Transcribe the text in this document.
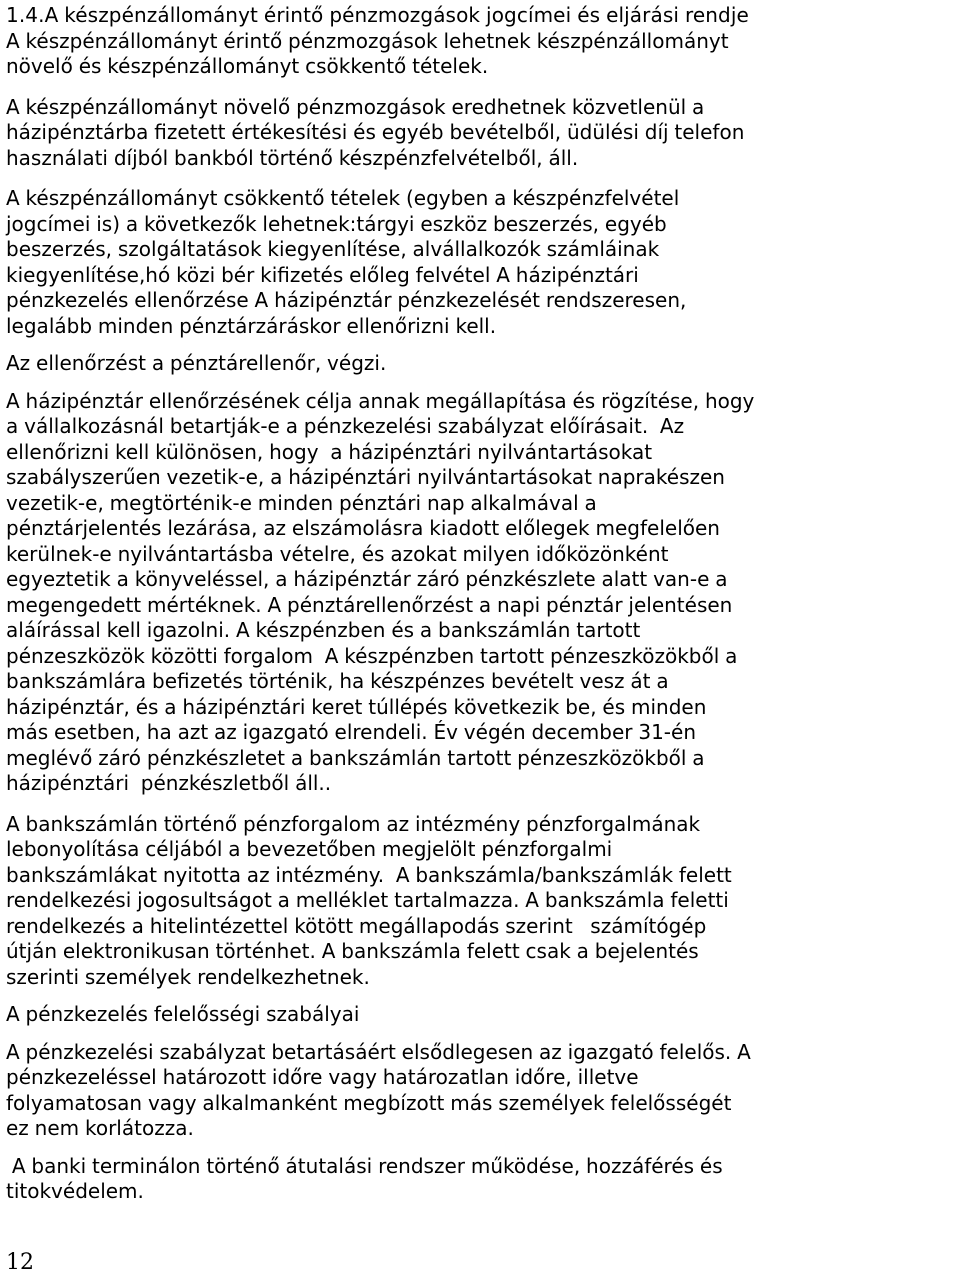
1.4.A készpénzállományt érintő pénzmozgások jogcímei és eljárási rendje

A készpénzállományt érintő pénzmozgások lehetnek készpénzállományt
növelő és készpénzállományt csökkentő tételek.

A készpénzállományt növelő pénzmozgások eredhetnek közvetlenül a
házipénztárba fizetett értékesítési és egyéb bevételből, üdülési díj telefon
használati díjból bankból történő készpénzfelvételből, áll.

A készpénzállományt csökkentő tételek (egyben a készpénzfelvétel
jogcímei is) a következők lehetnek:tárgyi eszköz beszerzés, egyéb
beszerzés, szolgáltatások kiegyenlítése, alvállalkozók számláinak
kiegyenlítése,hó közi bér kifizetés előleg felvétel A házipénztári
pénzkezelés ellenőrzése A házipénztár pénzkezelését rendszeresen,
legalább minden pénztárzáráskor ellenőrizni kell.

Az ellenőrzést a pénztárellenőr, végzi.

A házipénztár ellenőrzésének célja annak megállapítása és rögzítése, hogy
a vállalkozásnál betartják-e a pénzkezelési szabályzat előírásait.  Az
ellenőrizni kell különösen, hogy  a házipénztári nyilvántartásokat
szabályszerűen vezetik-e, a házipénztári nyilvántartásokat naprakészen
vezetik-e, megtörténik-e minden pénztári nap alkalmával a
pénztárjelentés lezárása, az elszámolásra kiadott előlegek megfelelően
kerülnek-e nyilvántartásba vételre, és azokat milyen időközönként
egyeztetik a könyveléssel, a házipénztár záró pénzkészlete alatt van-e a
megengedett mértéknek. A pénztárellenőrzést a napi pénztár jelentésen
aláírással kell igazolni. A készpénzben és a bankszámlán tartott
pénzeszközök közötti forgalom  A készpénzben tartott pénzeszközökből a
bankszámlára befizetés történik, ha készpénzes bevételt vesz át a
házipénztár, és a házipénztári keret túllépés következik be, és minden
más esetben, ha azt az igazgató elrendeli. Év végén december 31-én
meglévő záró pénzkészletet a bankszámlán tartott pénzeszközökből a
házipénztári  pénzkészletből áll..

A bankszámlán történő pénzforgalom az intézmény pénzforgalmának
lebonyolítása céljából a bevezetőben megjelölt pénzforgalmi
bankszámlákat nyitotta az intézmény.  A bankszámla/bankszámlák felett
rendelkezési jogosultságot a melléklet tartalmazza. A bankszámla feletti
rendelkezés a hitelintézettel kötött megállapodás szerint   számítógép
útján elektronikusan történhet. A bankszámla felett csak a bejelentés
szerinti személyek rendelkezhetnek.

A pénzkezelés felelősségi szabályai

A pénzkezelési szabályzat betartásáért elsődlegesen az igazgató felelős. A
pénzkezeléssel határozott időre vagy határozatlan időre, illetve
folyamatosan vagy alkalmanként megbízott más személyek felelősségét
ez nem korlátozza.

A banki terminálon történő átutalási rendszer működése, hozzáférés és
titokvédelem.

12
